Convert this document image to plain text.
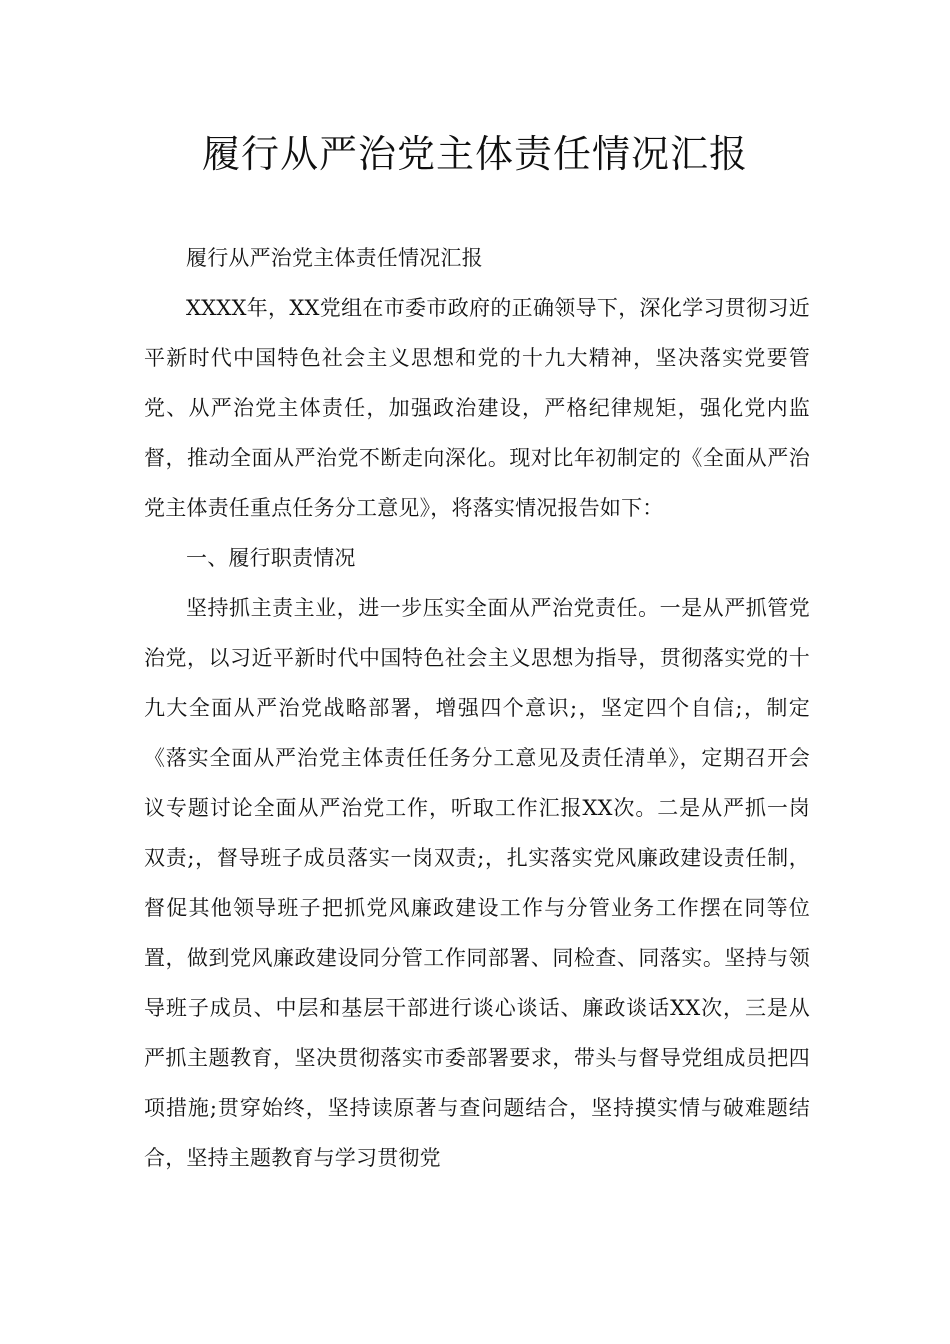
履行从严治党主体责任情况汇报

履行从严治党主体责任情况汇报

XXXX年，XX党组在市委市政府的正确领导下，深化学习贯彻习近平新时代中国特色社会主义思想和党的十九大精神，坚决落实党要管党、从严治党主体责任，加强政治建设，严格纪律规矩，强化党内监督，推动全面从严治党不断走向深化。现对比年初制定的《全面从严治党主体责任重点任务分工意见》，将落实情况报告如下：

一、履行职责情况

坚持抓主责主业，进一步压实全面从严治党责任。一是从严抓管党治党，以习近平新时代中国特色社会主义思想为指导，贯彻落实党的十九大全面从严治党战略部署，增强四个意识;，坚定四个自信;，制定《落实全面从严治党主体责任任务分工意见及责任清单》，定期召开会议专题讨论全面从严治党工作，听取工作汇报XX次。二是从严抓一岗双责;，督导班子成员落实一岗双责;，扎实落实党风廉政建设责任制，督促其他领导班子把抓党风廉政建设工作与分管业务工作摆在同等位置，做到党风廉政建设同分管工作同部署、同检查、同落实。坚持与领导班子成员、中层和基层干部进行谈心谈话、廉政谈话XX次，三是从严抓主题教育，坚决贯彻落实市委部署要求，带头与督导党组成员把四项措施;贯穿始终，坚持读原著与查问题结合，坚持摸实情与破难题结合，坚持主题教育与学习贯彻党
